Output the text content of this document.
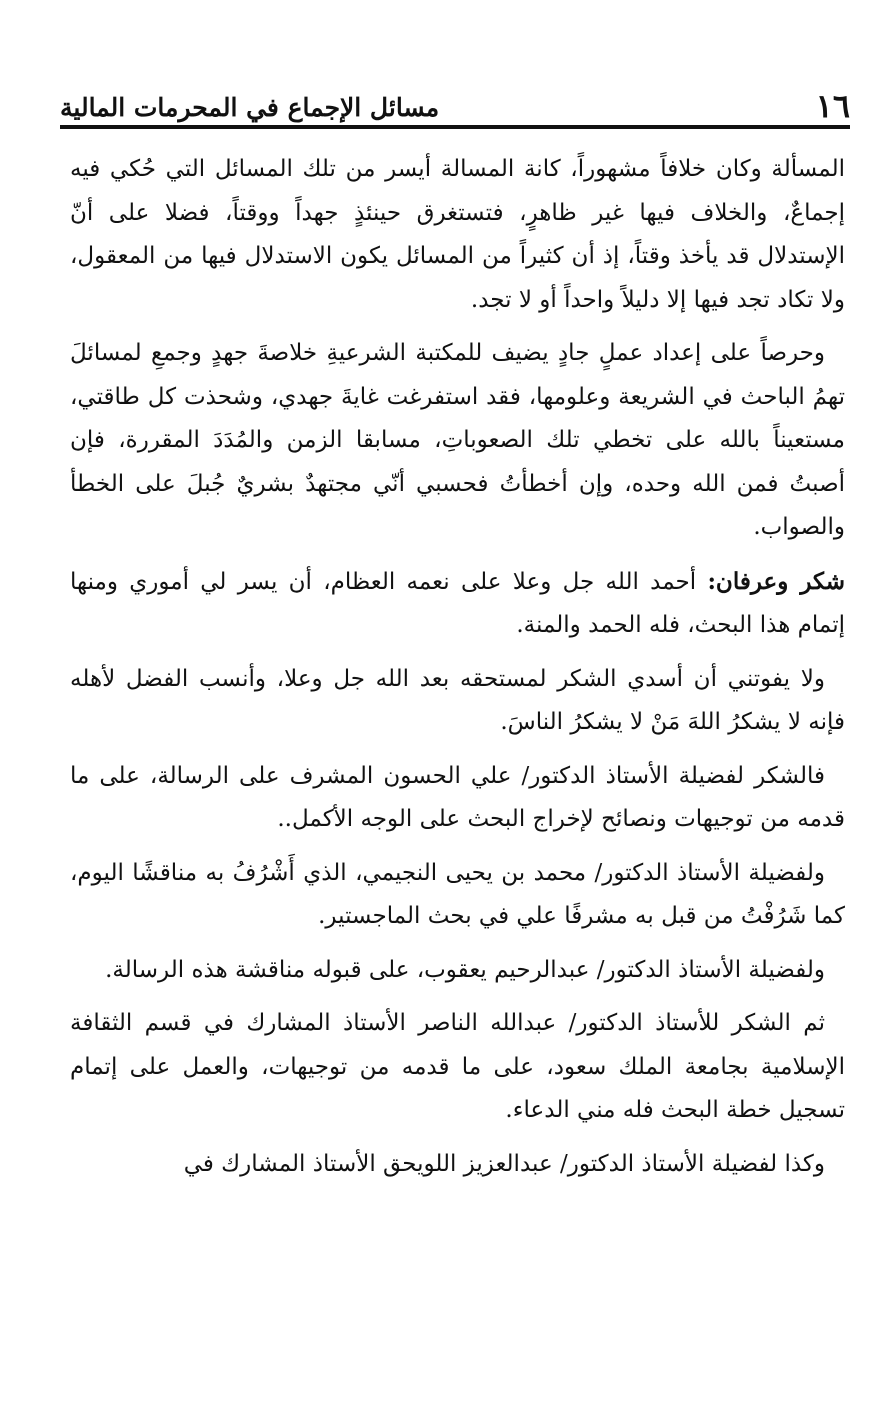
١٦
مسائل الإجماع في المحرمات المالية

المسألة وكان خلافاً مشهوراً، كانة المسالة أيسر من تلك المسائل التي حُكي فيه إجماعٌ، والخلاف فيها غير ظاهرٍ، فتستغرق حينئذٍ جهداً ووقتاً، فضلا على أنّ الإستدلال قد يأخذ وقتاً، إذ أن كثيراً من المسائل يكون الاستدلال فيها من المعقول، ولا تكاد تجد فيها إلا دليلاً واحداً أو لا تجد.

وحرصاً على إعداد عملٍ جادٍ يضيف للمكتبة الشرعيةِ خلاصةَ جهدٍ وجمعِ لمسائلَ تهمُ الباحث في الشريعة وعلومها، فقد استفرغت غايةَ جهدي، وشحذت كل طاقتي، مستعيناً بالله على تخطي تلك الصعوباتِ، مسابقا الزمن والمُدَدَ المقررة، فإن أصبتُ فمن الله وحده، وإن أخطأتُ فحسبي أنّي مجتهدٌ بشريٌ جُبلَ على الخطأ والصواب.

شكر وعرفان: أحمد الله جل وعلا على نعمه العظام، أن يسر لي أموري ومنها إتمام هذا البحث، فله الحمد والمنة.

ولا يفوتني أن أسدي الشكر لمستحقه بعد الله جل وعلا، وأنسب الفضل لأهله فإنه لا يشكرُ اللهَ مَنْ لا يشكرُ الناسَ.

فالشكر لفضيلة الأستاذ الدكتور/ علي الحسون المشرف على الرسالة، على ما قدمه من توجيهات ونصائح لإخراج البحث على الوجه الأكمل..

ولفضيلة الأستاذ الدكتور/ محمد بن يحيى النجيمي، الذي أَشْرُفُ به مناقشًا اليوم، كما شَرُفْتُ من قبل به مشرفًا علي في بحث الماجستير.

ولفضيلة الأستاذ الدكتور/ عبدالرحيم يعقوب، على قبوله مناقشة هذه الرسالة.

ثم الشكر للأستاذ الدكتور/ عبدالله الناصر الأستاذ المشارك في قسم الثقافة الإسلامية بجامعة الملك سعود، على ما قدمه من توجيهات، والعمل على إتمام تسجيل خطة البحث فله مني الدعاء.

وكذا لفضيلة الأستاذ الدكتور/ عبدالعزيز اللويحق الأستاذ المشارك في
